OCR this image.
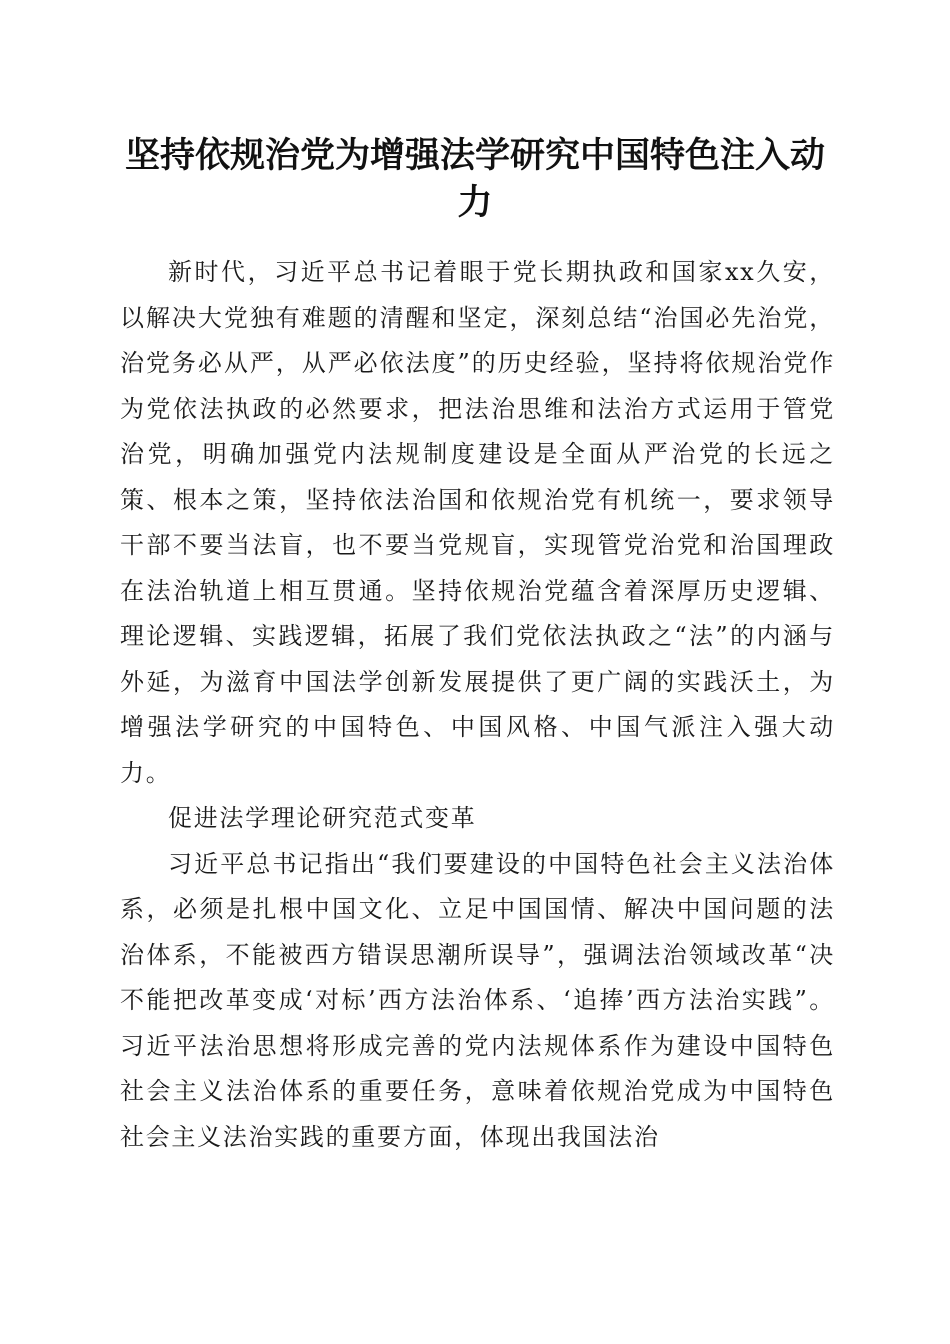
坚持依规治党为增强法学研究中国特色注入动力

新时代，习近平总书记着眼于党长期执政和国家xx久安，以解决大党独有难题的清醒和坚定，深刻总结“治国必先治党，治党务必从严，从严必依法度”的历史经验，坚持将依规治党作为党依法执政的必然要求，把法治思维和法治方式运用于管党治党，明确加强党内法规制度建设是全面从严治党的长远之策、根本之策，坚持依法治国和依规治党有机统一，要求领导干部不要当法盲，也不要当党规盲，实现管党治党和治国理政在法治轨道上相互贯通。坚持依规治党蕴含着深厚历史逻辑、理论逻辑、实践逻辑，拓展了我们党依法执政之“法”的内涵与外延，为滋育中国法学创新发展提供了更广阔的实践沃土，为增强法学研究的中国特色、中国风格、中国气派注入强大动力。

促进法学理论研究范式变革

习近平总书记指出“我们要建设的中国特色社会主义法治体系，必须是扎根中国文化、立足中国国情、解决中国问题的法治体系，不能被西方错误思潮所误导”，强调法治领域改革“决不能把改革变成‘对标’西方法治体系、‘追捧’西方法治实践”。习近平法治思想将形成完善的党内法规体系作为建设中国特色社会主义法治体系的重要任务，意味着依规治党成为中国特色社会主义法治实践的重要方面，体现出我国法治
